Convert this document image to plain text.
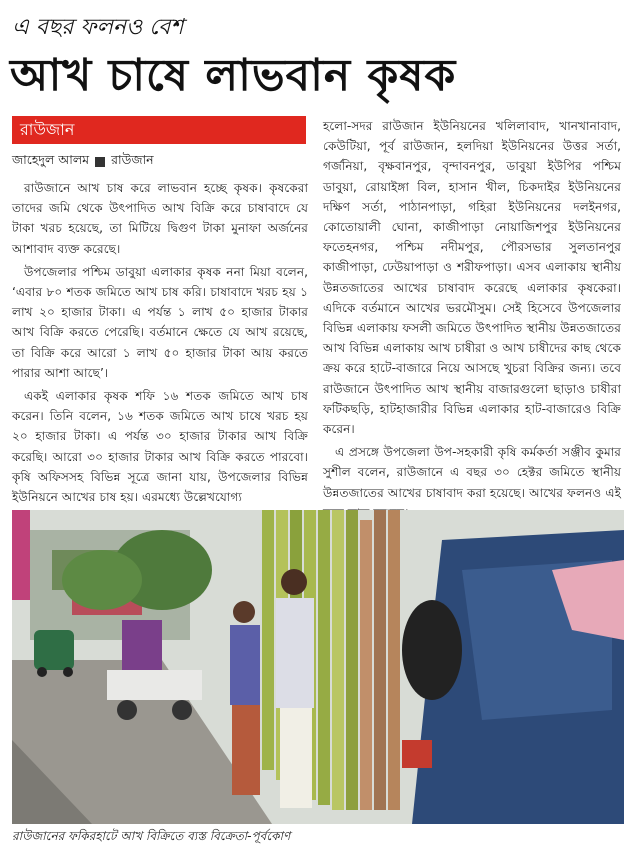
এ বছর ফলনও বেশ
আখ চাষে লাভবান কৃষক
রাউজান
জাহেদুল আলম রাউজান

রাউজানে আখ চাষ করে লাভবান হচ্ছে কৃষক। কৃষকেরা তাদের জমি থেকে উৎপাদিত আখ বিক্রি করে চাষাবাদে যে টাকা খরচ হয়েছে, তা মিটিয়ে দ্বিগুণ টাকা মুনাফা অর্জনের আশাবাদ ব্যক্ত করেছে।

উপজেলার পশ্চিম ডাবুয়া এলাকার কৃষক ননা মিয়া বলেন, ‘এবার ৮০ শতক জমিতে আখ চাষ করি। চাষাবাদে খরচ হয় ১ লাখ ২০ হাজার টাকা। এ পর্যন্ত ১ লাখ ৫০ হাজার টাকার আখ বিক্রি করতে পেরেছি। বর্তমানে ক্ষেতে যে আখ রয়েছে, তা বিক্রি করে আরো ১ লাখ ৫০ হাজার টাকা আয় করতে পারার আশা আছে’।

একই এলাকার কৃষক শফি ১৬ শতক জমিতে আখ চাষ করেন। তিনি বলেন, ১৬ শতক জমিতে আখ চাষে খরচ হয় ২০ হাজার টাকা। এ পর্যন্ত ৩০ হাজার টাকার আখ বিক্রি করেছি। আরো ৩০ হাজার টাকার আখ বিক্রি করতে পারবো। কৃষি অফিসসহ বিভিন্ন সূত্রে জানা যায়, উপজেলার বিভিন্ন ইউনিয়নে আখের চাষ হয়। এরমধ্যে উল্লেখযোগ্য

হলো-সদর রাউজান ইউনিয়নের খলিলাবাদ, খানখানাবাদ, কেউটিয়া, পূর্ব রাউজান, হলদিয়া ইউনিয়নের উত্তর সর্তা, গর্জনিয়া, বৃক্ষবানপুর, বৃন্দাবনপুর, ডাবুয়া ইউপির পশ্চিম ডাবুয়া, রোয়াইঙ্গা বিল, হাসান খীল, চিকদাইর ইউনিয়নের দক্ষিণ সর্তা, পাঠানপাড়া, গহিরা ইউনিয়নের দলইনগর, কোতোয়ালী ঘোনা, কাজীপাড়া নোয়াজিশপুর ইউনিয়নের ফতেহনগর, পশ্চিম নদীমপুর, পৌরসভার সুলতানপুর কাজীপাড়া, ঢেউয়াপাড়া ও শরীফপাড়া। এসব এলাকায় স্থানীয় উন্নতজাতের আখের চাষাবাদ করেছে এলাকার কৃষকেরা। এদিকে বর্তমানে আখের ভরমৌসুম। সেই হিসেবে উপজেলার বিভিন্ন এলাকায় ফসলী জমিতে উৎপাদিত স্থানীয় উন্নতজাতের আখ বিভিন্ন এলাকায় আখ চাষীরা ও আখ চাষীদের কাছ থেকে ক্রয় করে হাটে-বাজারে নিয়ে আসছে খুচরা বিক্রির জন্য। তবে রাউজানে উৎপাদিত আখ স্থানীয় বাজারগুলো ছাড়াও চাষীরা ফটিকছড়ি, হাটহাজারীর বিভিন্ন এলাকার হাট-বাজারেও বিক্রি করেন।

এ প্রসঙ্গে উপজেলা উপ-সহকারী কৃষি কর্মকর্তা সঞ্জীব কুমার সুশীল বলেন, রাউজানে এ বছর ৩০ হেক্টর জমিতে স্থানীয় উন্নতজাতের আখের চাষাবাদ করা হয়েছে। আখের ফলনও এই

রাউজানের ফকিরহাটে আখ বিক্রিতে ব্যস্ত বিক্রেতা-পূর্বকোণ
